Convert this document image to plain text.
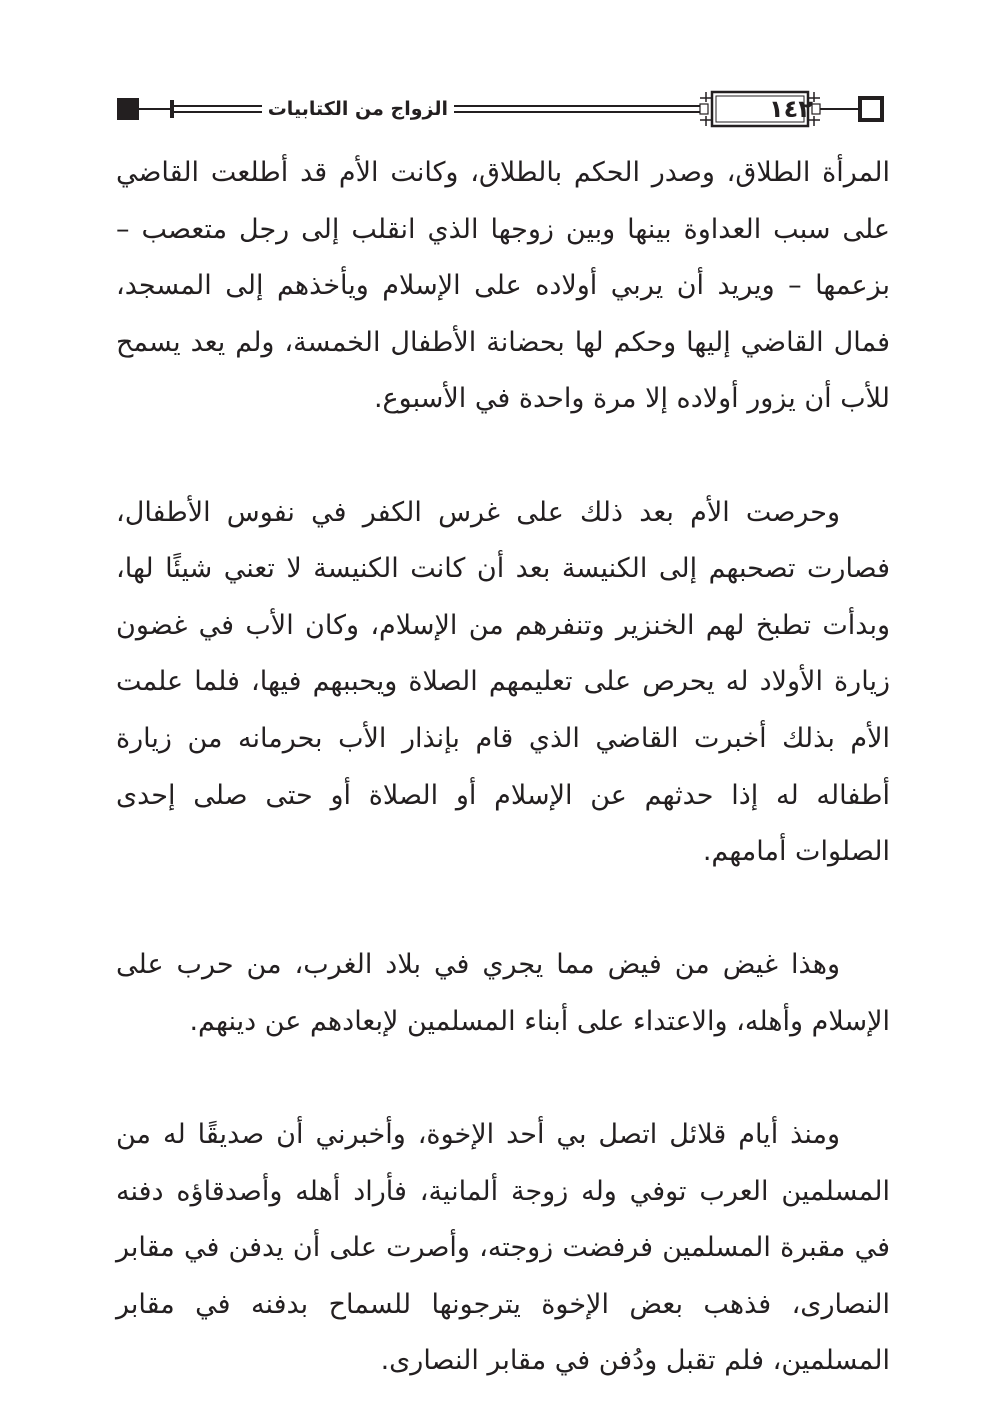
الزواج من الكتابيات	١٤٢

المرأة الطلاق، وصدر الحكم بالطلاق، وكانت الأم قد أطلعت القاضي على سبب العداوة بينها وبين زوجها الذي انقلب إلى رجل متعصب – بزعمها – ويريد أن يربي أولاده على الإسلام ويأخذهم إلى المسجد، فمال القاضي إليها وحكم لها بحضانة الأطفال الخمسة، ولم يعد يسمح للأب أن يزور أولاده إلا مرة واحدة في الأسبوع.

وحرصت الأم بعد ذلك على غرس الكفر في نفوس الأطفال، فصارت تصحبهم إلى الكنيسة بعد أن كانت الكنيسة لا تعني شيئًا لها، وبدأت تطبخ لهم الخنزير وتنفرهم من الإسلام، وكان الأب في غضون زيارة الأولاد له يحرص على تعليمهم الصلاة ويحببهم فيها، فلما علمت الأم بذلك أخبرت القاضي الذي قام بإنذار الأب بحرمانه من زيارة أطفاله له إذا حدثهم عن الإسلام أو الصلاة أو حتى صلى إحدى الصلوات أمامهم.

وهذا غيض من فيض مما يجري في بلاد الغرب، من حرب على الإسلام وأهله، والاعتداء على أبناء المسلمين لإبعادهم عن دينهم.

ومنذ أيام قلائل اتصل بي أحد الإخوة، وأخبرني أن صديقًا له من المسلمين العرب توفي وله زوجة ألمانية، فأراد أهله وأصدقاؤه دفنه في مقبرة المسلمين فرفضت زوجته، وأصرت على أن يدفن في مقابر النصارى، فذهب بعض الإخوة يترجونها للسماح بدفنه في مقابر المسلمين، فلم تقبل ودُفن في مقابر النصارى.
